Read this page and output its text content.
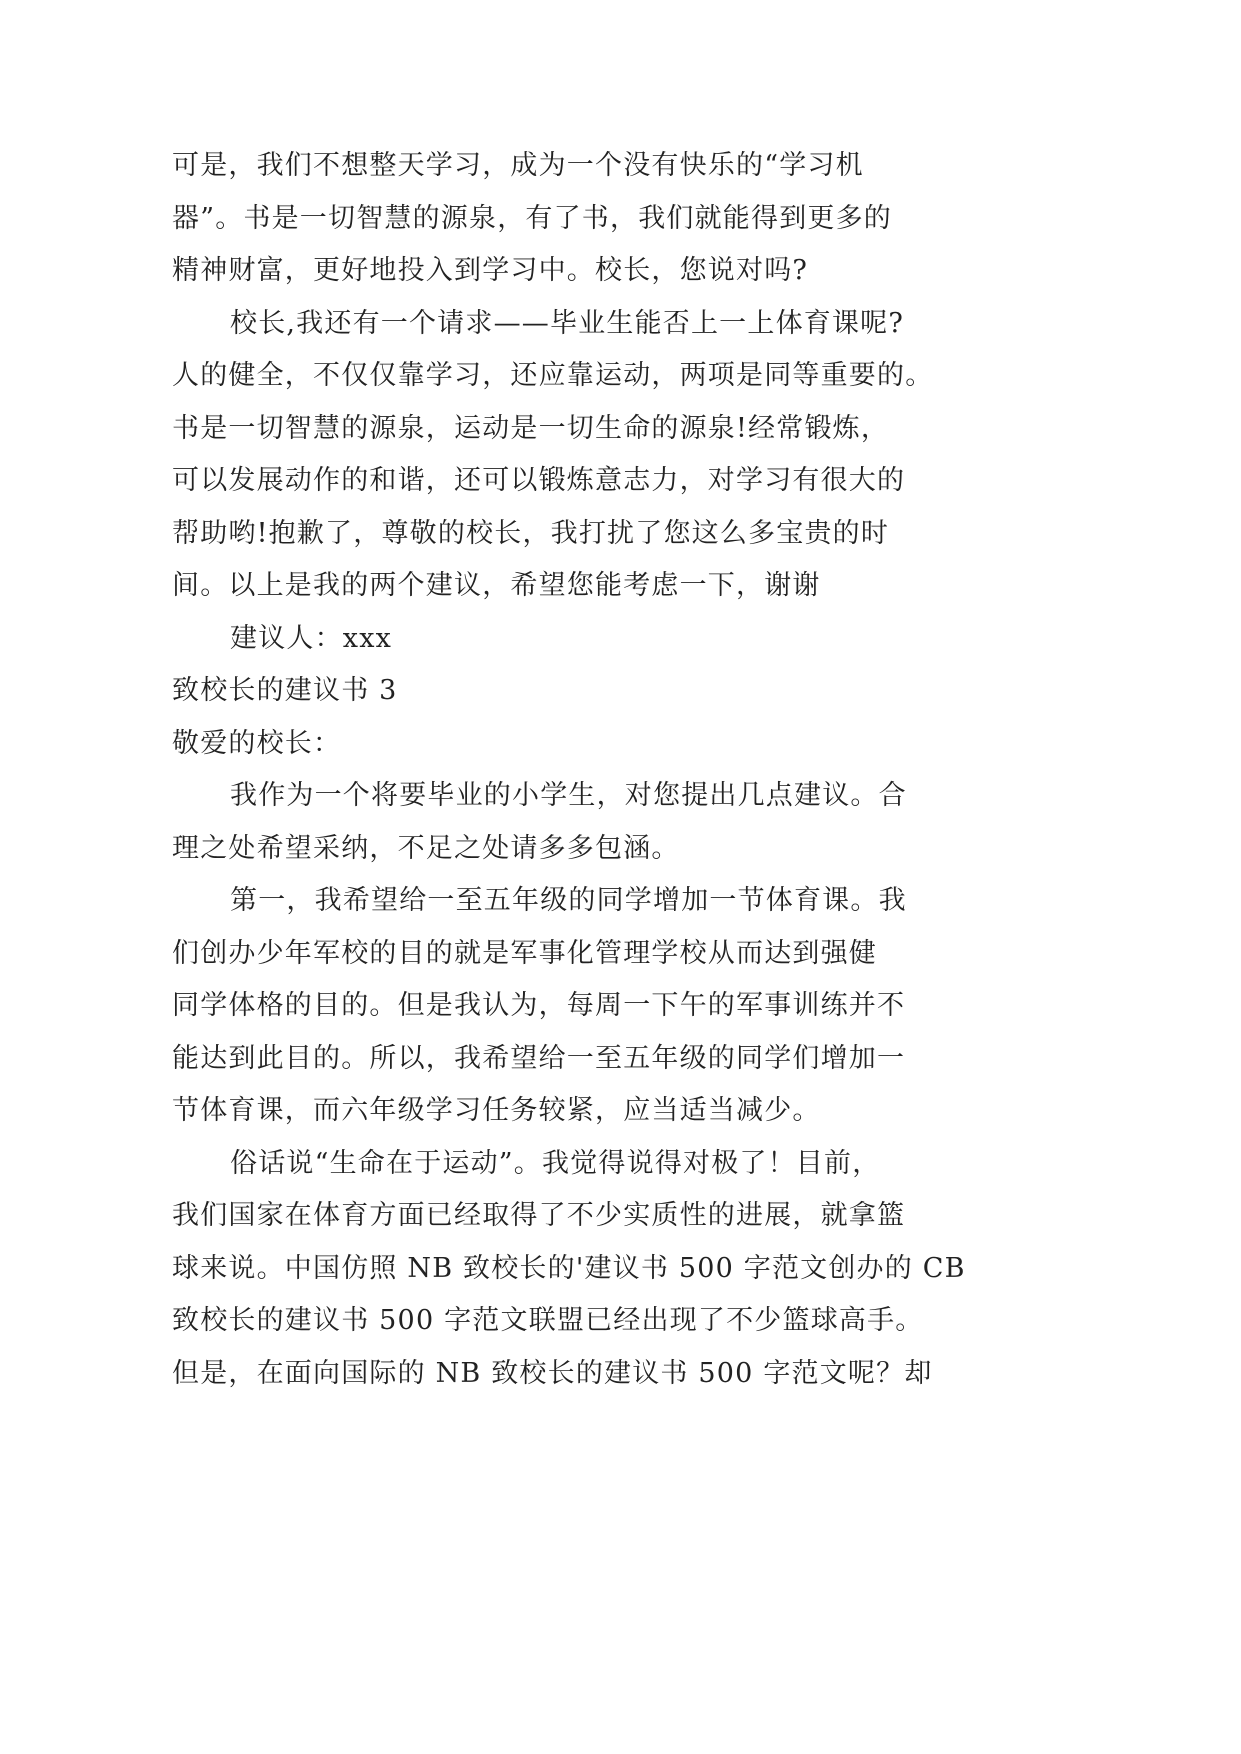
可是，我们不想整天学习，成为一个没有快乐的“学习机
器”。书是一切智慧的源泉，有了书，我们就能得到更多的
精神财富，更好地投入到学习中。校长，您说对吗?
校长,我还有一个请求——毕业生能否上一上体育课呢?
人的健全，不仅仅靠学习，还应靠运动，两项是同等重要的。
书是一切智慧的源泉，运动是一切生命的源泉!经常锻炼，
可以发展动作的和谐，还可以锻炼意志力，对学习有很大的
帮助哟!抱歉了，尊敬的校长，我打扰了您这么多宝贵的时
间。以上是我的两个建议，希望您能考虑一下，谢谢
建议人：xxx
致校长的建议书 3
敬爱的校长：
我作为一个将要毕业的小学生，对您提出几点建议。合
理之处希望采纳，不足之处请多多包涵。
第一，我希望给一至五年级的同学增加一节体育课。我
们创办少年军校的目的就是军事化管理学校从而达到强健
同学体格的目的。但是我认为，每周一下午的军事训练并不
能达到此目的。所以，我希望给一至五年级的同学们增加一
节体育课，而六年级学习任务较紧，应当适当减少。
俗话说“生命在于运动”。我觉得说得对极了！目前，
我们国家在体育方面已经取得了不少实质性的进展，就拿篮
球来说。中国仿照 NB 致校长的'建议书 500 字范文创办的 CB
致校长的建议书 500 字范文联盟已经出现了不少篮球高手。
但是，在面向国际的 NB 致校长的建议书 500 字范文呢？却
